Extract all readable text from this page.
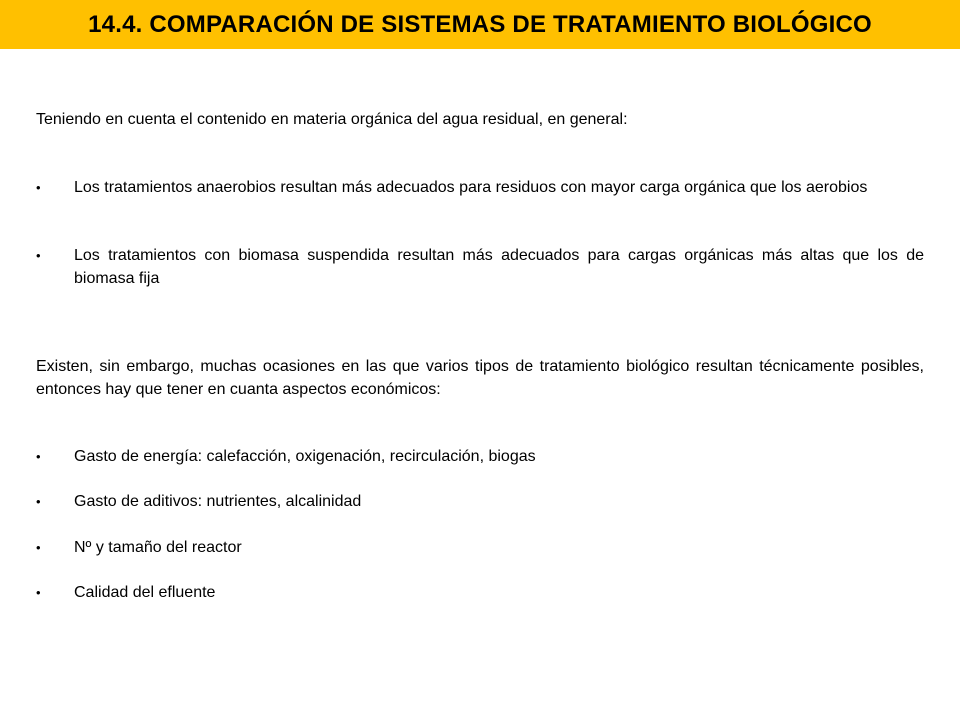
14.4. COMPARACIÓN DE SISTEMAS DE TRATAMIENTO BIOLÓGICO

Teniendo en cuenta el contenido en materia orgánica del agua residual, en general:

•	Los tratamientos anaerobios resultan más adecuados para residuos con mayor carga orgánica que los aerobios
•	Los tratamientos con biomasa suspendida resultan más adecuados para cargas orgánicas más altas que los de biomasa fija

Existen, sin embargo, muchas ocasiones en las que varios tipos de tratamiento biológico resultan técnicamente posibles, entonces hay que tener en cuanta aspectos económicos:

•	Gasto de energía: calefacción, oxigenación, recirculación, biogas
•	Gasto de aditivos: nutrientes, alcalinidad
•	Nº y tamaño del reactor
•	Calidad del efluente
